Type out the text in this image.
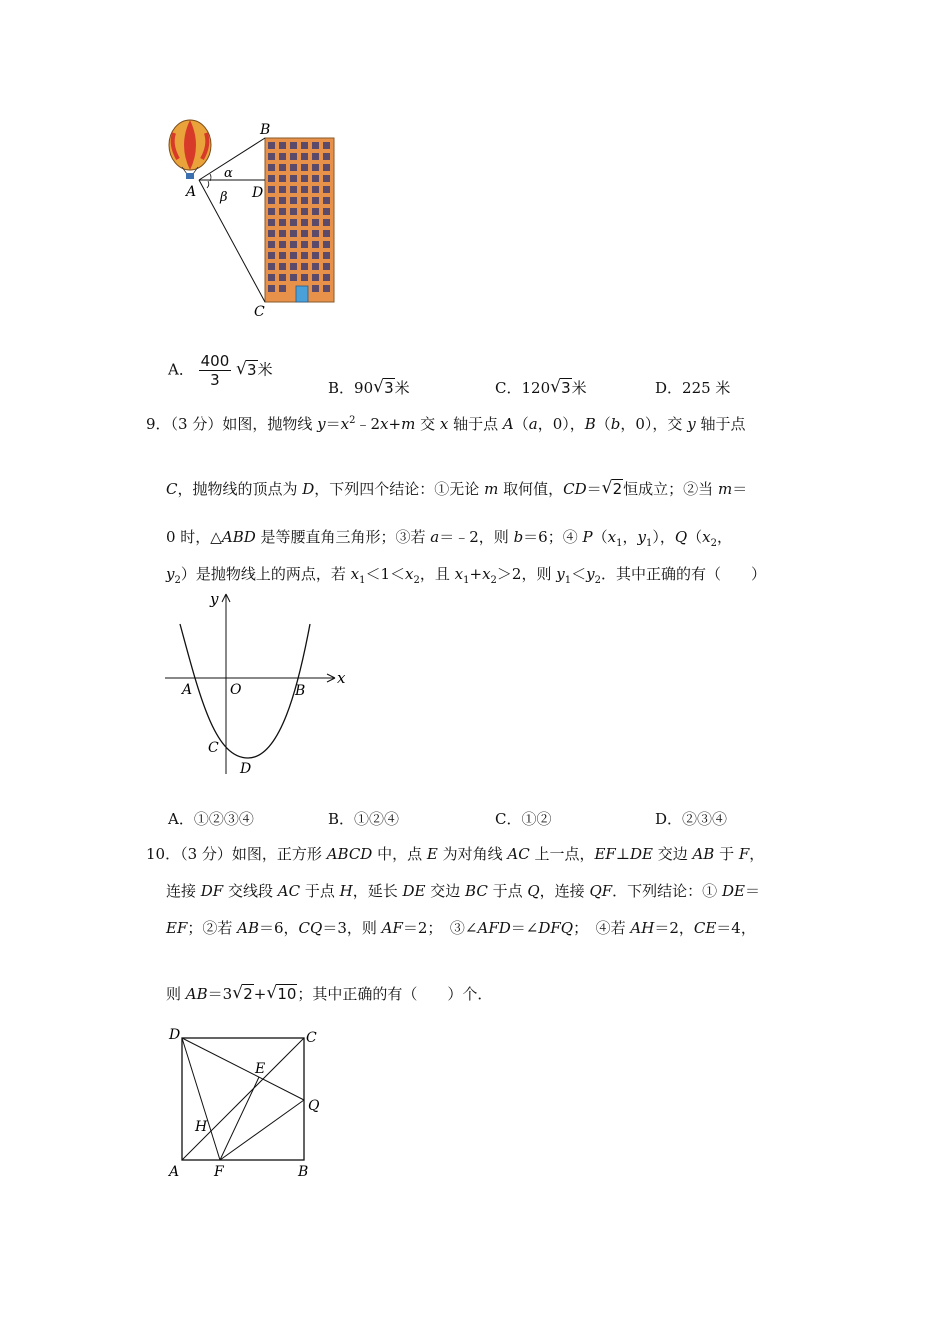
B
A	D
C
α
β
A． $\frac{400}{3}$
√ 3米
B．90 √ 3米	C．120 √ 3米	D．225 米
9．（3 分）如图，抛物线 $y=x^2﹣2x+m$ 交 x 轴于点 A（a，0），B（b，0），交 y 轴于点
C，抛物线的顶点为 D，下列四个结论：①无论 m 取何值，CD＝ √ 2恒成立；②当 m＝
0 时，△ABD 是等腰直角三角形；③若 a＝﹣2，则 b＝6；④ $P(x_1$，$y_1$），$Q(x_2$，
$y_2$）是抛物线上的两点，若 $x_1<1<x_2$，且 $x_1+x_2>2$，则 $y_1<y_2$．其中正确的有（　　）
y
x
O
A	B
C
D
A．①②③④	B．①②④	C．①②	D．②③④
10．（3 分）如图，正方形 ABCD 中，点 E 为对角线 AC 上一点，EF⊥DE 交边 AB 于 F，
连接 DF 交线段 AC 于点 H，延长 DE 交边 BC 于点 Q，连接 QF．下列结论：① DE＝
EF；②若 AB＝6，CQ＝3，则 AF＝2；　③∠AFD＝∠DFQ；　④若 AH＝2，CE＝4，
则 AB＝3 √ 2+ √ 10；其中正确的有（　　）个．
D	C
E
Q
H
A F	B
